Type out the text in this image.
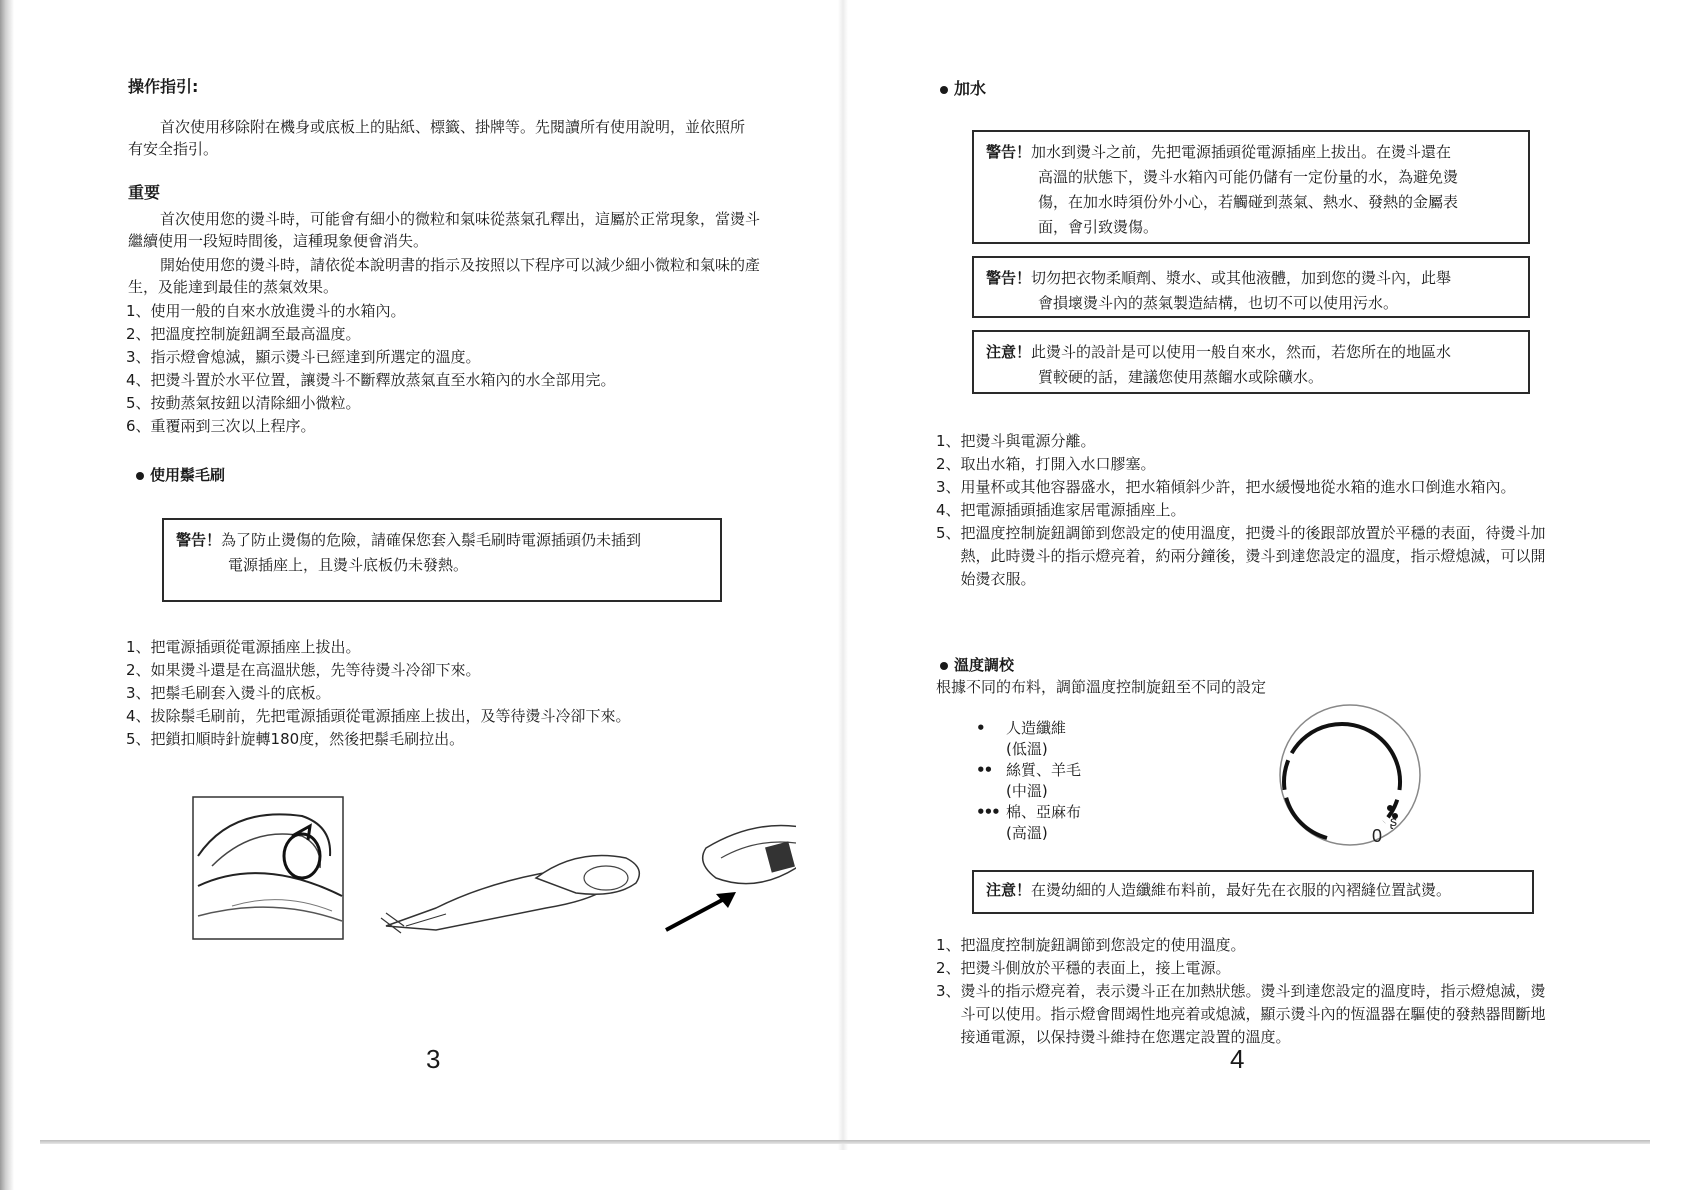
操作指引:
首次使用移除附在機身或底板上的貼紙、標籤、掛牌等。先閱讀所有使用說明，並依照所有安全指引。
重要
首次使用您的燙斗時，可能會有細小的微粒和氣味從蒸氣孔釋出，這屬於正常現象，當燙斗繼續使用一段短時間後，這種現象便會消失。
開始使用您的燙斗時，請依從本說明書的指示及按照以下程序可以減少細小微粒和氣味的產生，及能達到最佳的蒸氣效果。
1、使用一般的自來水放進燙斗的水箱內。
2、把溫度控制旋鈕調至最高溫度。
3、指示燈會熄滅，顯示燙斗已經達到所選定的溫度。
4、把燙斗置於水平位置，讓燙斗不斷釋放蒸氣直至水箱內的水全部用完。
5、按動蒸氣按鈕以清除細小微粒。
6、重覆兩到三次以上程序。
使用鬃毛刷
警告！為了防止燙傷的危險，請確保您套入鬃毛刷時電源插頭仍未插到
電源插座上，且燙斗底板仍未發熱。
1、把電源插頭從電源插座上拔出。
2、如果燙斗還是在高溫狀態，先等待燙斗冷卻下來。
3、把鬃毛刷套入燙斗的底板。
4、拔除鬃毛刷前，先把電源插頭從電源插座上拔出，及等待燙斗冷卻下來。
5、把鎖扣順時針旋轉180度，然後把鬃毛刷拉出。
3
加水
警告！加水到燙斗之前，先把電源插頭從電源插座上拔出。在燙斗還在
高溫的狀態下，燙斗水箱內可能仍儲有一定份量的水，為避免燙
傷，在加水時須份外小心，若觸碰到蒸氣、熱水、發熱的金屬表
面，會引致燙傷。
警告！切勿把衣物柔順劑、漿水、或其他液體，加到您的燙斗內，此舉
會損壞燙斗內的蒸氣製造結構，也切不可以使用污水。
注意！此燙斗的設計是可以使用一般自來水，然而，若您所在的地區水
質較硬的話，建議您使用蒸餾水或除礦水。
1、 把燙斗與電源分離。
2、 取出水箱，打開入水口膠塞。
3、 用量杯或其他容器盛水，把水箱傾斜少許，把水緩慢地從水箱的進水口倒進水箱內。
4、 把電源插頭插進家居電源插座上。
5、 把溫度控制旋鈕調節到您設定的使用溫度，把燙斗的後跟部放置於平穩的表面，待燙斗加熱，此時燙斗的指示燈亮着，約兩分鐘後，燙斗到達您設定的溫度，指示燈熄滅，可以開始燙衣服。
溫度調校
根據不同的布料，調節溫度控制旋鈕至不同的設定
• 人造纖維
(低溫)
•• 絲質、羊毛
(中溫)
••• 棉、亞麻布
(高溫)	0
ʂ
注意！在燙幼細的人造纖維布料前，最好先在衣服的內褶縫位置試燙。
1、 把溫度控制旋鈕調節到您設定的使用溫度。
2、 把燙斗側放於平穩的表面上，接上電源。
3、 燙斗的指示燈亮着，表示燙斗正在加熱狀態。燙斗到達您設定的溫度時，指示燈熄滅，燙斗可以使用。指示燈會間竭性地亮着或熄滅，顯示燙斗內的恆溫器在驅使的發熱器間斷地接通電源，以保持燙斗維持在您選定設置的溫度。
4
